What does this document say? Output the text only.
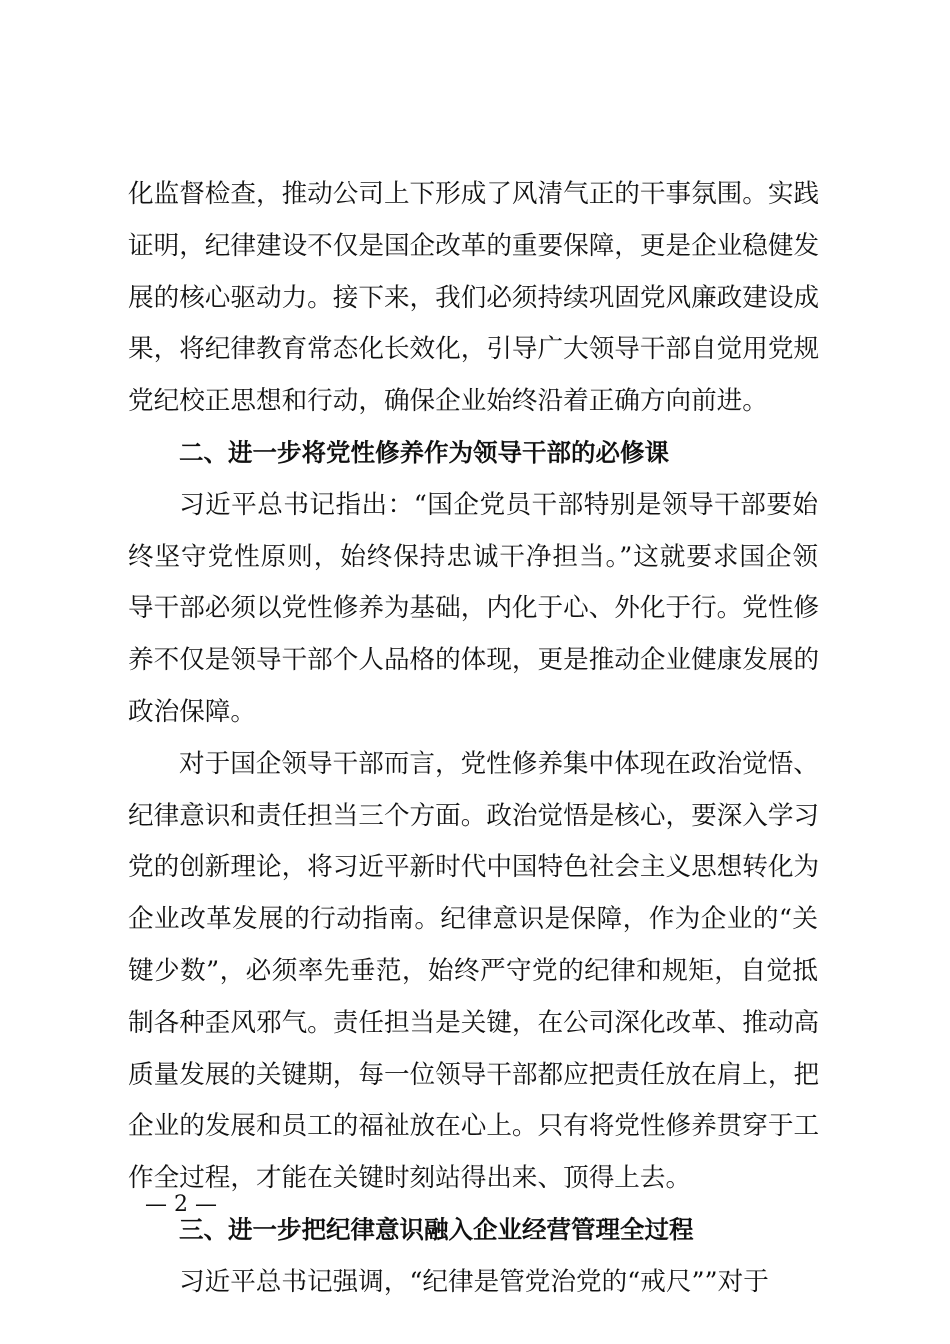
化监督检查，推动公司上下形成了风清气正的干事氛围。实践
证明，纪律建设不仅是国企改革的重要保障，更是企业稳健发
展的核心驱动力。接下来，我们必须持续巩固党风廉政建设成
果，将纪律教育常态化长效化，引导广大领导干部自觉用党规
党纪校正思想和行动，确保企业始终沿着正确方向前进。
二、进一步将党性修养作为领导干部的必修课
习近平总书记指出：“国企党员干部特别是领导干部要始
终坚守党性原则，始终保持忠诚干净担当。”这就要求国企领
导干部必须以党性修养为基础，内化于心、外化于行。党性修
养不仅是领导干部个人品格的体现，更是推动企业健康发展的
政治保障。
对于国企领导干部而言，党性修养集中体现在政治觉悟、
纪律意识和责任担当三个方面。政治觉悟是核心，要深入学习
党的创新理论，将习近平新时代中国特色社会主义思想转化为
企业改革发展的行动指南。纪律意识是保障，作为企业的“关
键少数”，必须率先垂范，始终严守党的纪律和规矩，自觉抵
制各种歪风邪气。责任担当是关键，在公司深化改革、推动高
质量发展的关键期，每一位领导干部都应把责任放在肩上，把
企业的发展和员工的福祉放在心上。只有将党性修养贯穿于工
作全过程，才能在关键时刻站得出来、顶得上去。
三、进一步把纪律意识融入企业经营管理全过程
习近平总书记强调，“纪律是管党治党的“戒尺””对于
— 2 —
